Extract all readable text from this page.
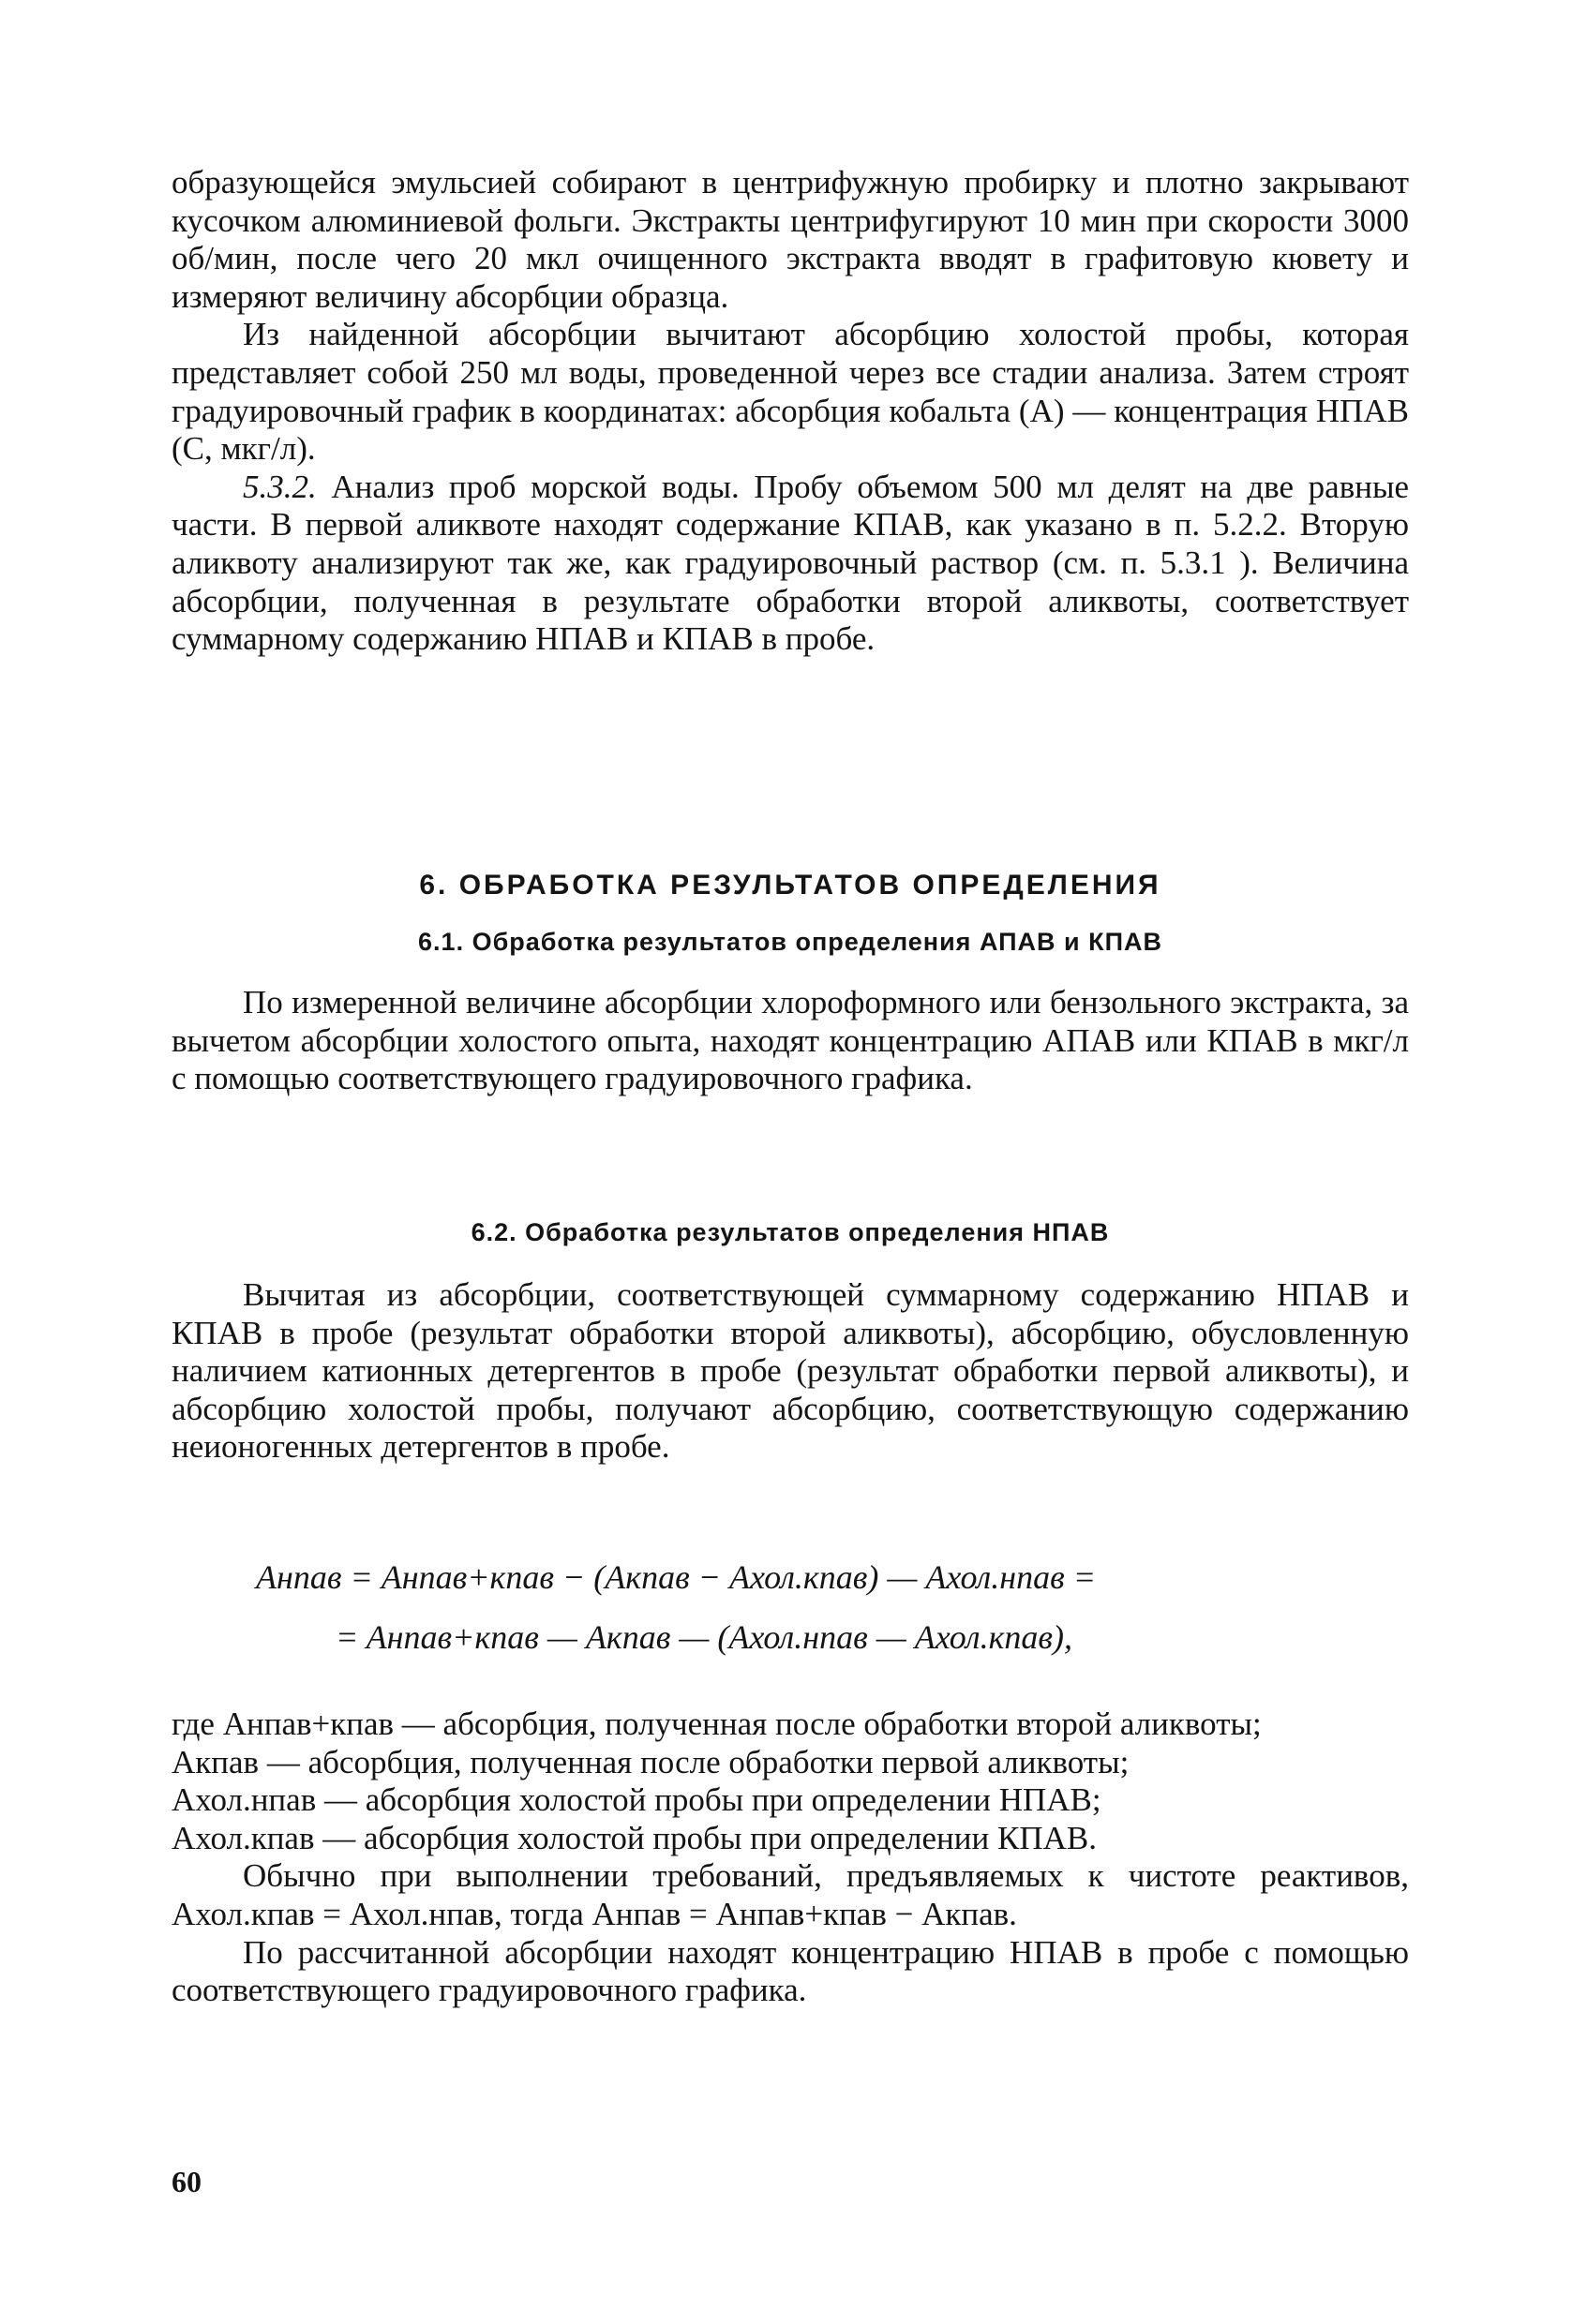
образующейся эмульсией собирают в центрифужную пробирку и плотно закрывают кусочком алюминиевой фольги. Экстракты центрифугируют 10 мин при скорости 3000 об/мин, после чего 20 мкл очищенного экстракта вводят в графитовую кювету и измеряют величину абсорбции образца.

Из найденной абсорбции вычитают абсорбцию холостой пробы, которая представляет собой 250 мл воды, проведенной через все стадии анализа. Затем строят градуировочный график в координатах: абсорбция кобальта (А) — концентрация НПАВ (С, мкг/л).

5.3.2. Анализ проб морской воды. Пробу объемом 500 мл делят на две равные части. В первой аликвоте находят содержание КПАВ, как указано в п. 5.2.2. Вторую аликвоту анализируют так же, как градуировочный раствор (см. п. 5.3.1 ). Величина абсорбции, полученная в результате обработки второй аликвоты, соответствует суммарному содержанию НПАВ и КПАВ в пробе.

6. ОБРАБОТКА РЕЗУЛЬТАТОВ ОПРЕДЕЛЕНИЯ
6.1. Обработка результатов определения АПАВ и КПАВ

По измеренной величине абсорбции хлороформного или бензольного экстракта, за вычетом абсорбции холостого опыта, находят концентрацию АПАВ или КПАВ в мкг/л с помощью соответствующего градуировочного графика.

6.2. Обработка результатов определения НПАВ

Вычитая из абсорбции, соответствующей суммарному содержанию НПАВ и КПАВ в пробе (результат обработки второй аликвоты), абсорбцию, обусловленную наличием катионных детергентов в пробе (результат обработки первой аликвоты), и абсорбцию холостой пробы, получают абсорбцию, соответствующую содержанию неионогенных детергентов в пробе.

Aнпав = Aнпав+кпав − (Aкпав − Aхол.кпав) — Aхол.нпав =
= Aнпав+кпав — Aкпав — (Aхол.нпав — Aхол.кпав),

где Aнпав+кпав — абсорбция, полученная после обработки второй аликвоты;

Aкпав — абсорбция, полученная после обработки первой аликвоты;

Aхол.нпав — абсорбция холостой пробы при определении НПАВ;

Aхол.кпав — абсорбция холостой пробы при определении КПАВ.

Обычно при выполнении требований, предъявляемых к чистоте реактивов, Aхол.кпав = Aхол.нпав, тогда Aнпав = Aнпав+кпав − Aкпав.

По рассчитанной абсорбции находят концентрацию НПАВ в пробе с помощью соответствующего градуировочного графика.

60
